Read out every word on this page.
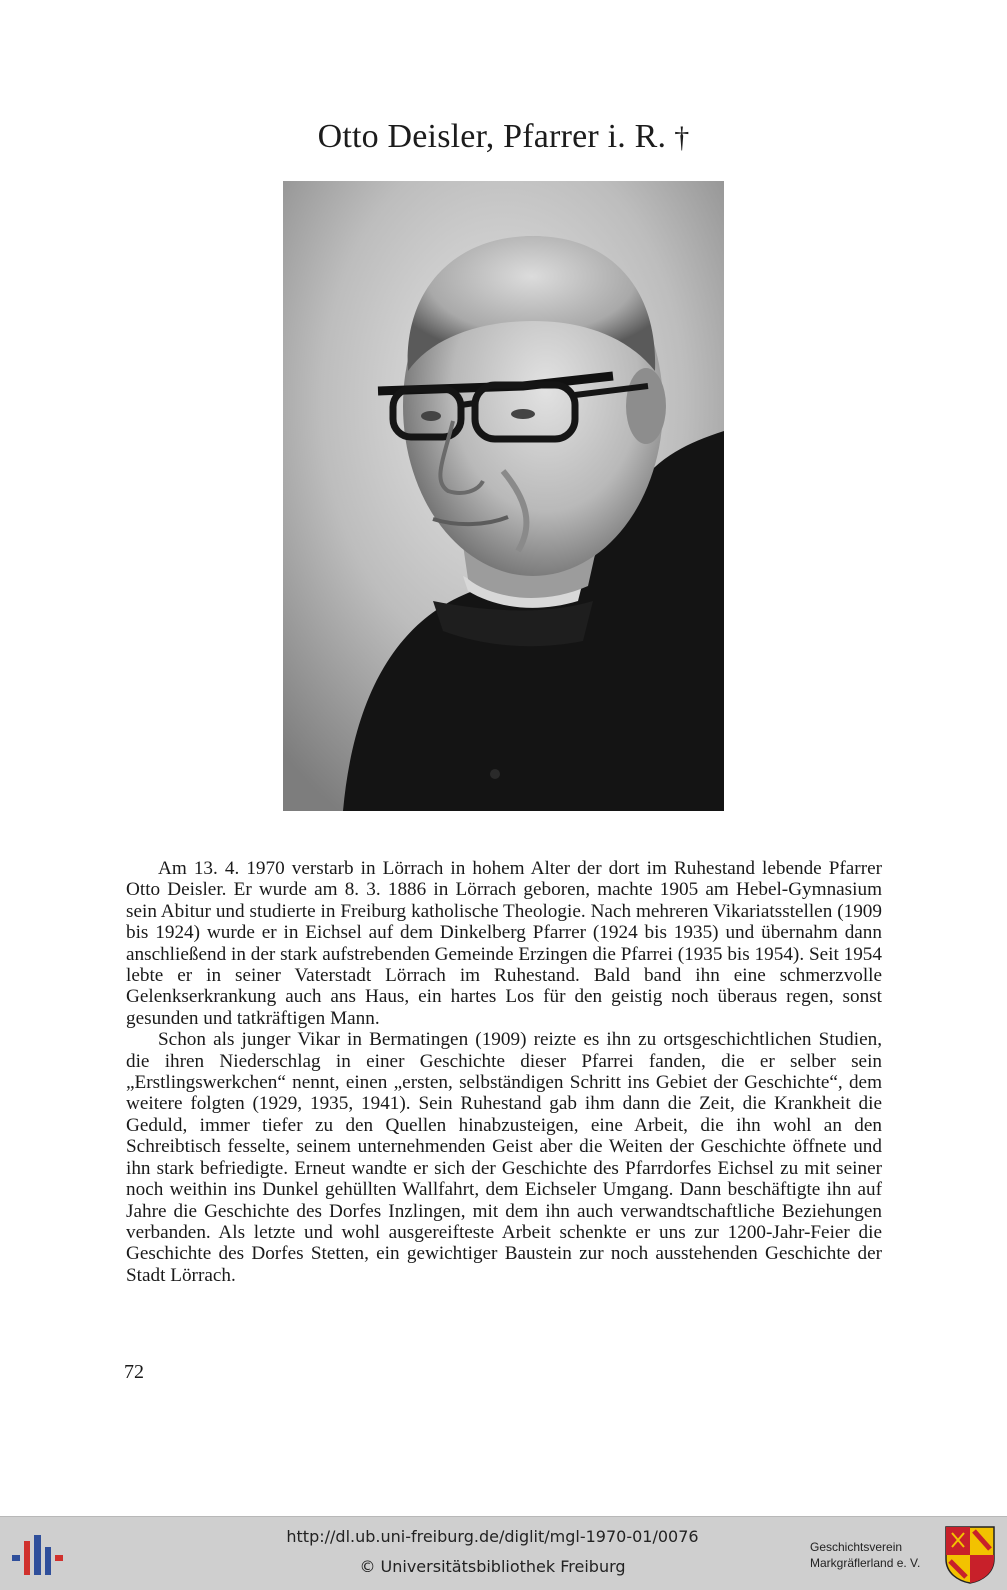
Otto Deisler, Pfarrer i. R. †

Am 13. 4. 1970 verstarb in Lörrach in hohem Alter der dort im Ruhestand lebende Pfarrer Otto Deisler. Er wurde am 8. 3. 1886 in Lörrach geboren, machte 1905 am Hebel-Gymnasium sein Abitur und studierte in Freiburg katholische Theologie. Nach mehreren Vikariatsstellen (1909 bis 1924) wurde er in Eichsel auf dem Dinkelberg Pfarrer (1924 bis 1935) und übernahm dann anschließend in der stark aufstrebenden Gemeinde Erzingen die Pfarrei (1935 bis 1954). Seit 1954 lebte er in seiner Vaterstadt Lörrach im Ruhestand. Bald band ihn eine schmerzvolle Gelenkserkrankung auch ans Haus, ein hartes Los für den geistig noch überaus regen, sonst gesunden und tatkräftigen Mann.

Schon als junger Vikar in Bermatingen (1909) reizte es ihn zu ortsgeschichtlichen Studien, die ihren Niederschlag in einer Geschichte dieser Pfarrei fanden, die er selber sein „Erstlingswerkchen“ nennt, einen „ersten, selbständigen Schritt ins Gebiet der Geschichte“, dem weitere folgten (1929, 1935, 1941). Sein Ruhestand gab ihm dann die Zeit, die Krankheit die Geduld, immer tiefer zu den Quellen hinabzusteigen, eine Arbeit, die ihn wohl an den Schreibtisch fesselte, seinem unternehmenden Geist aber die Weiten der Geschichte öffnete und ihn stark befriedigte. Erneut wandte er sich der Geschichte des Pfarrdorfes Eichsel zu mit seiner noch weithin ins Dunkel gehüllten Wallfahrt, dem Eichseler Umgang. Dann beschäftigte ihn auf Jahre die Geschichte des Dorfes Inzlingen, mit dem ihn auch verwandtschaftliche Beziehungen verbanden. Als letzte und wohl ausgereifteste Arbeit schenkte er uns zur 1200-Jahr-Feier die Geschichte des Dorfes Stetten, ein gewichtiger Baustein zur noch ausstehenden Geschichte der Stadt Lörrach.

72
http://dl.ub.uni-freiburg.de/diglit/mgl-1970-01/0076
© Universitätsbibliothek Freiburg
Geschichtsverein
Markgräflerland e. V.
